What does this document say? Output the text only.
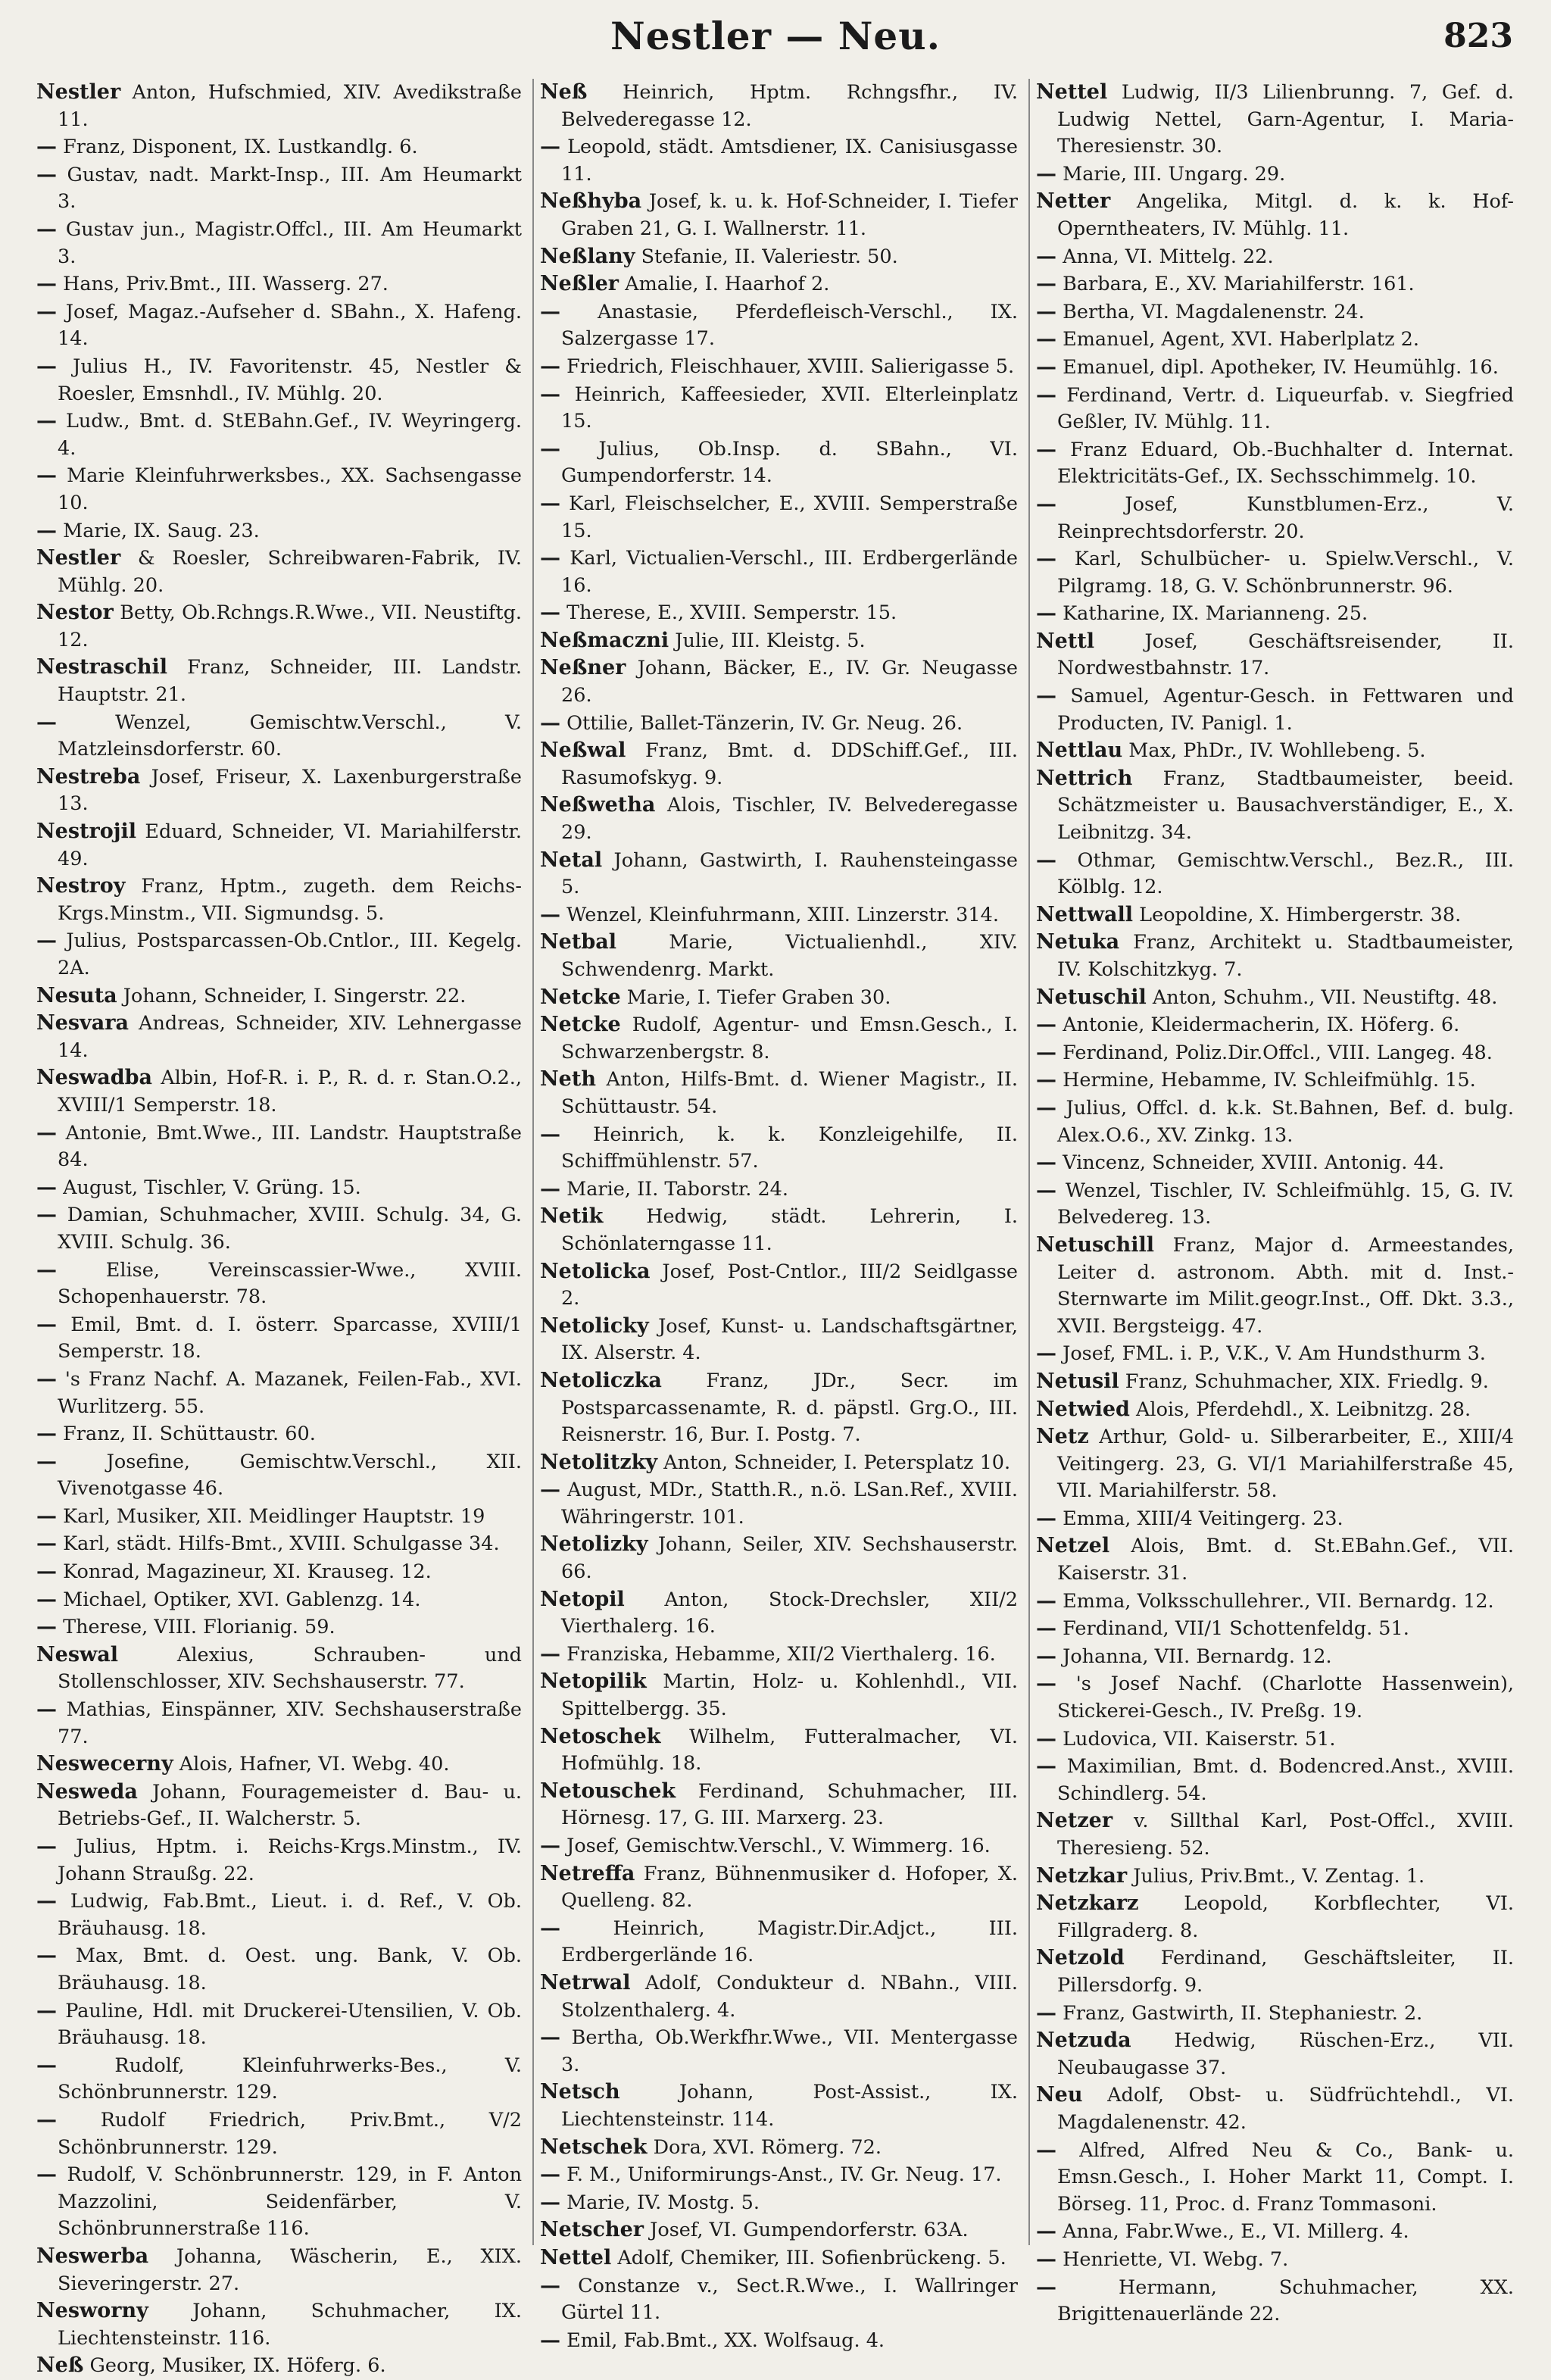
Nestler — Neu.	823

Nestler Anton, Hufschmied, XIV. Avedikstraße 11.

— Franz, Disponent, IX. Lustkandlg. 6.

— Gustav, nadt. Markt-Insp., III. Am Heumarkt 3.

— Gustav jun., Magistr.Offcl., III. Am Heumarkt 3.

— Hans, Priv.Bmt., III. Wasserg. 27.

— Josef, Magaz.-Aufseher d. SBahn., X. Hafeng. 14.

— Julius H., IV. Favoritenstr. 45, Nestler & Roesler, Emsnhdl., IV. Mühlg. 20.

— Ludw., Bmt. d. StEBahn.Gef., IV. Weyringerg. 4.

— Marie Kleinfuhrwerksbes., XX. Sachsengasse 10.

— Marie, IX. Saug. 23.

Nestler & Roesler, Schreibwaren-Fabrik, IV. Mühlg. 20.

Nestor Betty, Ob.Rchngs.R.Wwe., VII. Neustiftg. 12.

Nestraschil Franz, Schneider, III. Landstr. Hauptstr. 21.

—	Wenzel, Gemischtw.Verschl., V. Matzleinsdorferstr. 60.

Nestreba Josef, Friseur, X. Laxenburgerstraße 13.

Nestrojil Eduard, Schneider, VI. Mariahilferstr. 49.

Nestroy Franz, Hptm., zugeth. dem Reichs-Krgs.Minstm., VII. Sigmundsg. 5.

— Julius, Postsparcassen-Ob.Cntlor., III. Kegelg. 2A.

Nesuta Johann, Schneider, I. Singerstr. 22.

Nesvara Andreas, Schneider, XIV. Lehnergasse 14.

Neswadba Albin, Hof-R. i. P., R. d. r. Stan.O.2., XVIII/1 Semperstr. 18.

— Antonie, Bmt.Wwe., III. Landstr. Hauptstraße 84.

— August, Tischler, V. Grüng. 15.

— Damian, Schuhmacher, XVIII. Schulg. 34, G. XVIII. Schulg. 36.

—	Elise, Vereinscassier-Wwe., XVIII. Schopenhauerstr. 78.

— Emil, Bmt. d. I. österr. Sparcasse, XVIII/1 Semperstr. 18.

— 's Franz Nachf. A. Mazanek, Feilen-Fab., XVI. Wurlitzerg. 55.

— Franz, II. Schüttaustr. 60.

—	Josefine, Gemischtw.Verschl., XII. Vivenotgasse 46.

— Karl, Musiker, XII. Meidlinger Hauptstr. 19

— Karl, städt. Hilfs-Bmt., XVIII. Schulgasse 34.

— Konrad, Magazineur, XI. Krauseg. 12.

— Michael, Optiker, XVI. Gablenzg. 14.

— Therese, VIII. Florianig. 59.

Neswal	Alexius, Schrauben- und Stollenschlosser, XIV. Sechshauserstr. 77.

— Mathias, Einspänner, XIV. Sechshauserstraße 77.

Neswecerny Alois, Hafner, VI. Webg. 40.

Nesweda Johann, Fouragemeister d. Bau- u. Betriebs-Gef., II. Walcherstr. 5.

— Julius, Hptm. i. Reichs-Krgs.Minstm., IV. Johann Straußg. 22.

— Ludwig, Fab.Bmt., Lieut. i. d. Ref., V. Ob. Bräuhausg. 18.

— Max, Bmt. d. Oest. ung. Bank, V. Ob. Bräuhausg. 18.

— Pauline, Hdl. mit Druckerei-Utensilien, V. Ob. Bräuhausg. 18.

—	Rudolf, Kleinfuhrwerks-Bes., V. Schönbrunnerstr. 129.

— Rudolf Friedrich, Priv.Bmt., V/2 Schönbrunnerstr. 129.

— Rudolf, V. Schönbrunnerstr. 129, in F. Anton Mazzolini, Seidenfärber, V. Schönbrunnerstraße 116.

Neswerba Johanna, Wäscherin, E., XIX. Sieveringerstr. 27.

Nesworny Johann, Schuhmacher, IX. Liechtensteinstr. 116.

Neß Georg, Musiker, IX. Höferg. 6.

Neß Heinrich, Hptm. Rchngsfhr., IV. Belvederegasse 12.

— Leopold, städt. Amtsdiener, IX. Canisiusgasse 11.

Neßhyba Josef, k. u. k. Hof-Schneider, I. Tiefer Graben 21, G. I. Wallnerstr. 11.

Neßlany Stefanie, II. Valeriestr. 50.

Neßler Amalie, I. Haarhof 2.

— Anastasie, Pferdefleisch-Verschl., IX. Salzergasse 17.

— Friedrich, Fleischhauer, XVIII. Salierigasse 5.

— Heinrich, Kaffeesieder, XVII. Elterleinplatz 15.

— Julius, Ob.Insp. d. SBahn., VI. Gumpendorferstr. 14.

— Karl, Fleischselcher, E., XVIII. Semperstraße 15.

— Karl, Victualien-Verschl., III. Erdbergerlände 16.

— Therese, E., XVIII. Semperstr. 15.

Neßmaczni Julie, III. Kleistg. 5.

Neßner Johann, Bäcker, E., IV. Gr. Neugasse 26.

— Ottilie, Ballet-Tänzerin, IV. Gr. Neug. 26.

Neßwal Franz, Bmt. d. DDSchiff.Gef., III. Rasumofskyg. 9.

Neßwetha Alois, Tischler, IV. Belvederegasse 29.

Netal Johann, Gastwirth, I. Rauhensteingasse 5.

— Wenzel, Kleinfuhrmann, XIII. Linzerstr. 314.

Netbal	Marie, Victualienhdl., XIV. Schwendenrg. Markt.

Netcke Marie, I. Tiefer Graben 30.

Netcke Rudolf, Agentur- und Emsn.Gesch., I. Schwarzenbergstr. 8.

Neth Anton, Hilfs-Bmt. d. Wiener Magistr., II. Schüttaustr. 54.

— Heinrich, k. k. Konzleigehilfe, II. Schiffmühlenstr. 57.

— Marie, II. Taborstr. 24.

Netik Hedwig, städt. Lehrerin, I. Schönlaterngasse 11.

Netolicka Josef, Post-Cntlor., III/2 Seidlgasse 2.

Netolicky Josef, Kunst- u. Landschaftsgärtner, IX. Alserstr. 4.

Netoliczka Franz, JDr., Secr. im Postsparcassenamte, R. d. päpstl. Grg.O., III. Reisnerstr. 16, Bur. I. Postg. 7.

Netolitzky Anton, Schneider, I. Petersplatz 10.

— August, MDr., Statth.R., n.ö. LSan.Ref., XVIII. Währingerstr. 101.

Netolizky Johann, Seiler, XIV. Sechshauserstr. 66.

Netopil Anton, Stock-Drechsler, XII/2 Vierthalerg. 16.

— Franziska, Hebamme, XII/2 Vierthalerg. 16.

Netopilik Martin, Holz- u. Kohlenhdl., VII. Spittelbergg. 35.

Netoschek Wilhelm, Futteralmacher, VI. Hofmühlg. 18.

Netouschek Ferdinand, Schuhmacher, III. Hörnesg. 17, G. III. Marxerg. 23.

— Josef, Gemischtw.Verschl., V. Wimmerg. 16.

Netreffa Franz, Bühnenmusiker d. Hofoper, X. Quelleng. 82.

—	Heinrich, Magistr.Dir.Adjct., III. Erdbergerlände 16.

Netrwal Adolf, Condukteur d. NBahn., VIII. Stolzenthalerg. 4.

— Bertha, Ob.Werkfhr.Wwe., VII. Mentergasse 3.

Netsch	Johann, Post-Assist., IX. Liechtensteinstr. 114.

Netschek Dora, XVI. Römerg. 72.

— F. M., Uniformirungs-Anst., IV. Gr. Neug. 17.

— Marie, IV. Mostg. 5.

Netscher Josef, VI. Gumpendorferstr. 63A.

Nettel Adolf, Chemiker, III. Sofienbrückeng. 5.

— Constanze v., Sect.R.Wwe., I. Wallringer Gürtel 11.

— Emil, Fab.Bmt., XX. Wolfsaug. 4.

Nettel Ludwig, II/3 Lilienbrunng. 7, Gef. d. Ludwig Nettel, Garn-Agentur, I. Maria-Theresienstr. 30.

— Marie, III. Ungarg. 29.

Netter Angelika, Mitgl. d. k. k. Hof-Operntheaters, IV. Mühlg. 11.

— Anna, VI. Mittelg. 22.

— Barbara, E., XV. Mariahilferstr. 161.

— Bertha, VI. Magdalenenstr. 24.

— Emanuel, Agent, XVI. Haberlplatz 2.

— Emanuel, dipl. Apotheker, IV. Heumühlg. 16.

— Ferdinand, Vertr. d. Liqueurfab. v. Siegfried Geßler, IV. Mühlg. 11.

— Franz Eduard, Ob.-Buchhalter d. Internat. Elektricitäts-Gef., IX. Sechsschimmelg. 10.

—	Josef, Kunstblumen-Erz., V. Reinprechtsdorferstr. 20.

— Karl, Schulbücher- u. Spielw.Verschl., V. Pilgramg. 18, G. V. Schönbrunnerstr. 96.

— Katharine, IX. Marianneng. 25.

Nettl	Josef, Geschäftsreisender, II. Nordwestbahnstr. 17.

— Samuel, Agentur-Gesch. in Fettwaren und Producten, IV. Panigl. 1.

Nettlau Max, PhDr., IV. Wohllebeng. 5.

Nettrich Franz, Stadtbaumeister, beeid. Schätzmeister u. Bausachverständiger, E., X. Leibnitzg. 34.

— Othmar, Gemischtw.Verschl., Bez.R., III. Kölblg. 12.

Nettwall Leopoldine, X. Himbergerstr. 38.

Netuka Franz, Architekt u. Stadtbaumeister, IV. Kolschitzkyg. 7.

Netuschil Anton, Schuhm., VII. Neustiftg. 48.

— Antonie, Kleidermacherin, IX. Höferg. 6.

— Ferdinand, Poliz.Dir.Offcl., VIII. Langeg. 48.

— Hermine, Hebamme, IV. Schleifmühlg. 15.

— Julius, Offcl. d. k.k. St.Bahnen, Bef. d. bulg. Alex.O.6., XV. Zinkg. 13.

— Vincenz, Schneider, XVIII. Antonig. 44.

— Wenzel, Tischler, IV. Schleifmühlg. 15, G. IV. Belvedereg. 13.

Netuschill Franz, Major d. Armeestandes, Leiter d. astronom. Abth. mit d. Inst.-Sternwarte im Milit.geogr.Inst., Off. Dkt. 3.3., XVII. Bergsteigg. 47.

— Josef, FML. i. P., V.K., V. Am Hundsthurm 3.

Netusil Franz, Schuhmacher, XIX. Friedlg. 9.

Netwied Alois, Pferdehdl., X. Leibnitzg. 28.

Netz Arthur, Gold- u. Silberarbeiter, E., XIII/4 Veitingerg. 23, G. VI/1 Mariahilferstraße 45, VII. Mariahilferstr. 58.

— Emma, XIII/4 Veitingerg. 23.

Netzel Alois, Bmt. d. St.EBahn.Gef., VII. Kaiserstr. 31.

— Emma, Volksschullehrer., VII. Bernardg. 12.

— Ferdinand, VII/1 Schottenfeldg. 51.

— Johanna, VII. Bernardg. 12.

— 's Josef Nachf. (Charlotte Hassenwein), Stickerei-Gesch., IV. Preßg. 19.

— Ludovica, VII. Kaiserstr. 51.

— Maximilian, Bmt. d. Bodencred.Anst., XVIII. Schindlerg. 54.

Netzer v. Sillthal Karl, Post-Offcl., XVIII. Theresieng. 52.

Netzkar Julius, Priv.Bmt., V. Zentag. 1.

Netzkarz Leopold, Korbflechter, VI. Fillgraderg. 8.

Netzold Ferdinand, Geschäftsleiter, II. Pillersdorfg. 9.

— Franz, Gastwirth, II. Stephaniestr. 2.

Netzuda Hedwig, Rüschen-Erz., VII. Neubaugasse 37.

Neu Adolf, Obst- u. Südfrüchtehdl., VI. Magdalenenstr. 42.

— Alfred, Alfred Neu & Co., Bank- u. Emsn.Gesch., I. Hoher Markt 11, Compt. I. Börseg. 11, Proc. d. Franz Tommasoni.

— Anna, Fabr.Wwe., E., VI. Millerg. 4.

— Henriette, VI. Webg. 7.

—	Hermann, Schuhmacher, XX. Brigittenauerlände 22.
